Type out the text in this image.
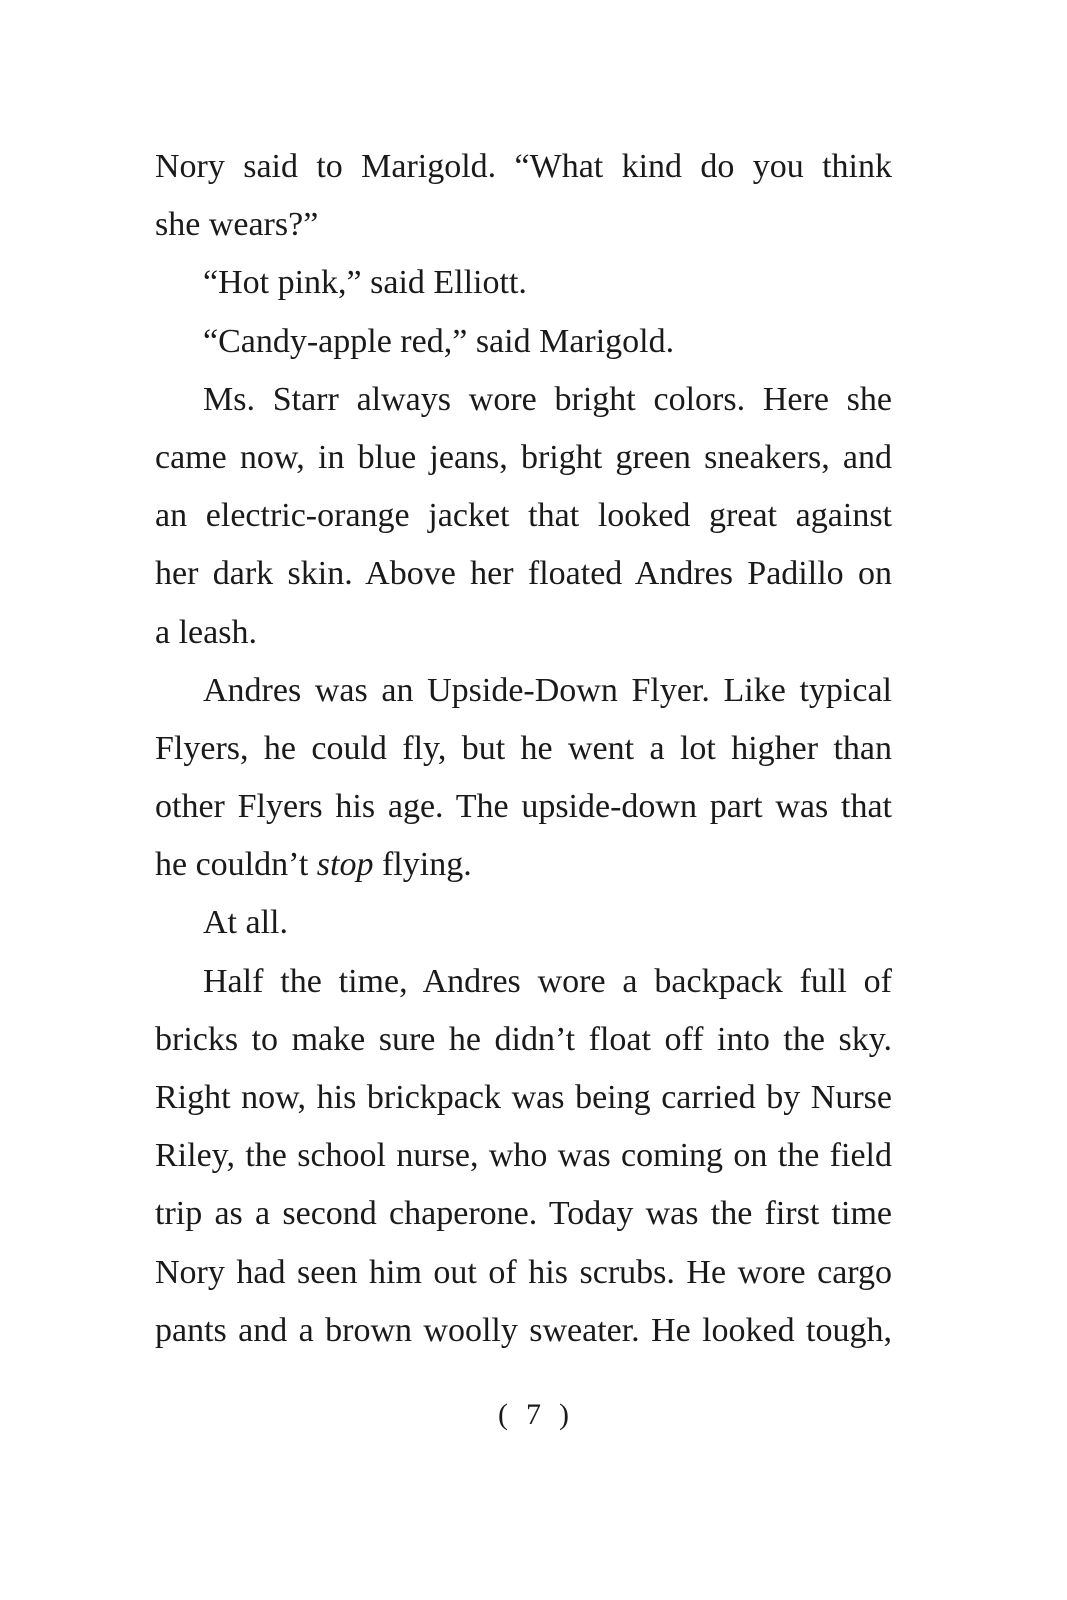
Nory said to Marigold. “What kind do you think
she wears?”
“Hot pink,” said Elliott.
“Candy-apple red,” said Marigold.
Ms. Starr always wore bright colors. Here she
came now, in blue jeans, bright green sneakers, and
an electric-orange jacket that looked great against
her dark skin. Above her floated Andres Padillo on
a leash.
Andres was an Upside-Down Flyer. Like typical
Flyers, he could fly, but he went a lot higher than
other Flyers his age. The upside-down part was that
he couldn’t stop flying.
At all.
Half the time, Andres wore a backpack full of
bricks to make sure he didn’t float off into the sky.
Right now, his brickpack was being carried by Nurse
Riley, the school nurse, who was coming on the field
trip as a second chaperone. Today was the first time
Nory had seen him out of his scrubs. He wore cargo
pants and a brown woolly sweater. He looked tough,
( 7 )
